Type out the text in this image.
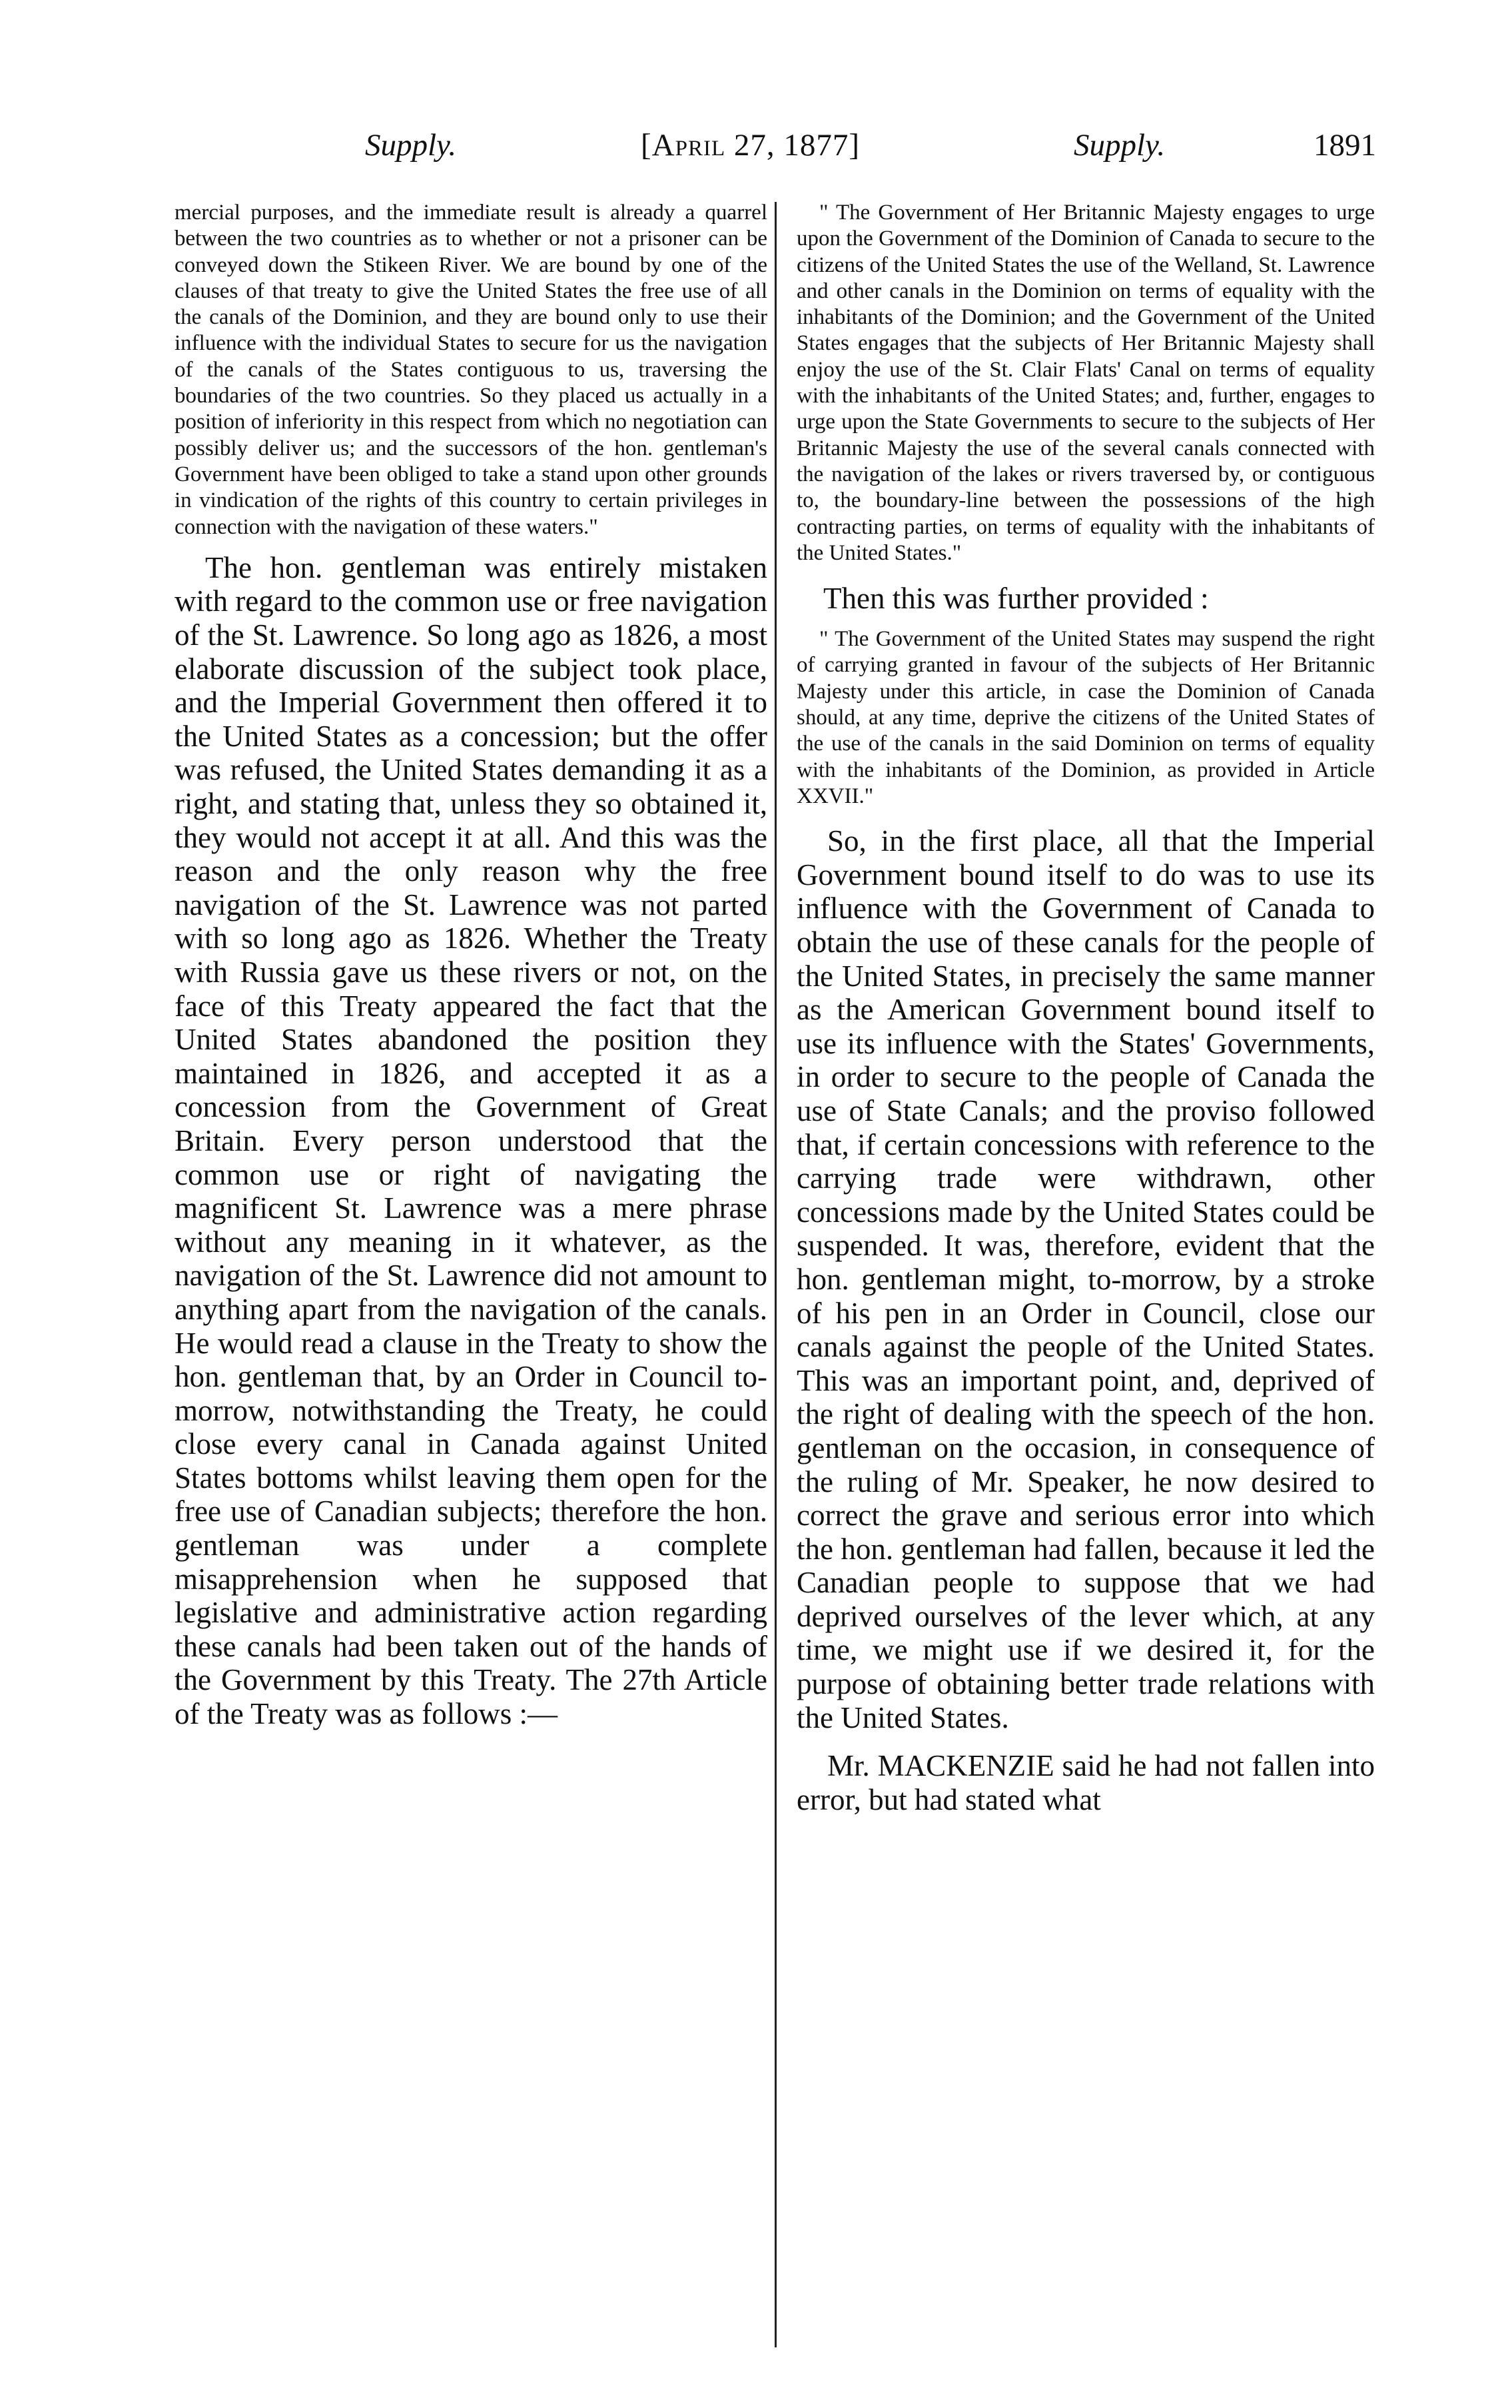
Supply.	[April 27, 1877]	Supply.	1891

mercial purposes, and the immediate result is already a quarrel between the two countries as to whether or not a prisoner can be conveyed down the Stikeen River. We are bound by one of the clauses of that treaty to give the United States the free use of all the canals of the Dominion, and they are bound only to use their influence with the individual States to secure for us the navigation of the canals of the States contiguous to us, traversing the boundaries of the two countries. So they placed us actually in a position of inferiority in this respect from which no negotiation can possibly deliver us; and the successors of the hon. gentleman's Government have been obliged to take a stand upon other grounds in vindication of the rights of this country to certain privileges in connection with the navigation of these waters."

The hon. gentleman was entirely mistaken with regard to the common use or free navigation of the St. Lawrence. So long ago as 1826, a most elaborate discussion of the subject took place, and the Imperial Government then offered it to the United States as a concession; but the offer was refused, the United States demanding it as a right, and stating that, unless they so obtained it, they would not accept it at all. And this was the reason and the only reason why the free navigation of the St. Lawrence was not parted with so long ago as 1826. Whether the Treaty with Russia gave us these rivers or not, on the face of this Treaty appeared the fact that the United States abandoned the position they maintained in 1826, and accepted it as a concession from the Government of Great Britain. Every person understood that the common use or right of navigating the magnificent St. Lawrence was a mere phrase without any meaning in it whatever, as the navigation of the St. Lawrence did not amount to anything apart from the navigation of the canals. He would read a clause in the Treaty to show the hon. gentleman that, by an Order in Council to-morrow, notwithstanding the Treaty, he could close every canal in Canada against United States bottoms whilst leaving them open for the free use of Canadian subjects; therefore the hon. gentleman was under a complete misapprehension when he supposed that legislative and administrative action regarding these canals had been taken out of the hands of the Government by this Treaty. The 27th Article of the Treaty was as follows :—

" The Government of Her Britannic Majesty engages to urge upon the Government of the Dominion of Canada to secure to the citizens of the United States the use of the Welland, St. Lawrence and other canals in the Dominion on terms of equality with the inhabitants of the Dominion; and the Government of the United States engages that the subjects of Her Britannic Majesty shall enjoy the use of the St. Clair Flats' Canal on terms of equality with the inhabitants of the United States; and, further, engages to urge upon the State Governments to secure to the subjects of Her Britannic Majesty the use of the several canals connected with the navigation of the lakes or rivers traversed by, or contiguous to, the boundary-line between the possessions of the high contracting parties, on terms of equality with the inhabitants of the United States."

Then this was further provided :

" The Government of the United States may suspend the right of carrying granted in favour of the subjects of Her Britannic Majesty under this article, in case the Dominion of Canada should, at any time, deprive the citizens of the United States of the use of the canals in the said Dominion on terms of equality with the inhabitants of the Dominion, as provided in Article XXVII."

So, in the first place, all that the Imperial Government bound itself to do was to use its influence with the Government of Canada to obtain the use of these canals for the people of the United States, in precisely the same manner as the American Government bound itself to use its influence with the States' Governments, in order to secure to the people of Canada the use of State Canals; and the proviso followed that, if certain concessions with reference to the carrying trade were withdrawn, other concessions made by the United States could be suspended. It was, therefore, evident that the hon. gentleman might, to-morrow, by a stroke of his pen in an Order in Council, close our canals against the people of the United States. This was an important point, and, deprived of the right of dealing with the speech of the hon. gentleman on the occasion, in consequence of the ruling of Mr. Speaker, he now desired to correct the grave and serious error into which the hon. gentleman had fallen, because it led the Canadian people to suppose that we had deprived ourselves of the lever which, at any time, we might use if we desired it, for the purpose of obtaining better trade relations with the United States.

Mr. MACKENZIE said he had not fallen into error, but had stated what
